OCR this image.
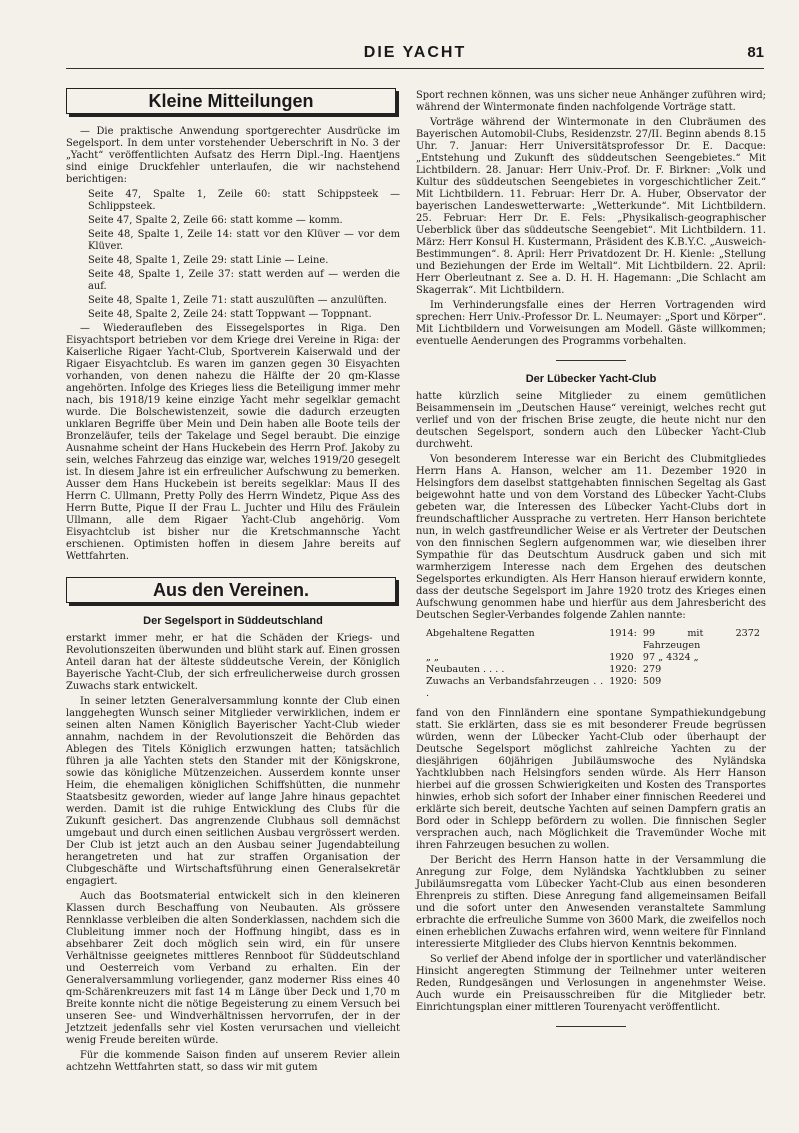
DIE YACHT	81
Kleine Mitteilungen

— Die praktische Anwendung sportgerechter Ausdrücke im Segelsport. In dem unter vorstehender Ueberschrift in No. 3 der „Yacht“ veröffentlichten Aufsatz des Herrn Dipl.-Ing. Haentjens sind einige Druckfehler unterlaufen, die wir nachstehend berichtigen:

Seite 47, Spalte 1, Zeile 60: statt Schippsteek — Schlippsteek.

Seite 47, Spalte 2, Zeile 66: statt komme — komm.

Seite 48, Spalte 1, Zeile 14: statt vor den Klüver — vor dem Klüver.

Seite 48, Spalte 1, Zeile 29: statt Linie — Leine.

Seite 48, Spalte 1, Zeile 37: statt werden auf — werden die auf.

Seite 48, Spalte 1, Zeile 71: statt auszulüften — anzulüften.

Seite 48, Spalte 2, Zeile 24: statt Toppwant — Toppnant.

— Wiederaufleben des Eissegelsportes in Riga. Den Eisyachtsport betrieben vor dem Kriege drei Vereine in Riga: der Kaiserliche Rigaer Yacht-Club, Sportverein Kaiserwald und der Rigaer Eisyachtclub. Es waren im ganzen gegen 30 Eisyachten vorhanden, von denen nahezu die Hälfte der 20 qm-Klasse angehörten. Infolge des Krieges liess die Beteiligung immer mehr nach, bis 1918/19 keine einzige Yacht mehr segelklar gemacht wurde. Die Bolschewistenzeit, sowie die dadurch erzeugten unklaren Begriffe über Mein und Dein haben alle Boote teils der Bronzeläufer, teils der Takelage und Segel beraubt. Die einzige Ausnahme scheint der Hans Huckebein des Herrn Prof. Jakoby zu sein, welches Fahrzeug das einzige war, welches 1919/20 gesegelt ist. In diesem Jahre ist ein erfreulicher Aufschwung zu bemerken. Ausser dem Hans Huckebein ist bereits segelklar: Maus II des Herrn C. Ullmann, Pretty Polly des Herrn Windetz, Pique Ass des Herrn Butte, Pique II der Frau L. Juchter und Hilu des Fräulein Ullmann, alle dem Rigaer Yacht-Club angehörig. Vom Eisyachtclub ist bisher nur die Kretschmannsche Yacht erschienen. Optimisten hoffen in diesem Jahre bereits auf Wettfahrten.

Aus den Vereinen.
Der Segelsport in Süddeutschland

erstarkt immer mehr, er hat die Schäden der Kriegs- und Revolutionszeiten überwunden und blüht stark auf. Einen grossen Anteil daran hat der älteste süddeutsche Verein, der Königlich Bayerische Yacht-Club, der sich erfreulicherweise durch grossen Zuwachs stark entwickelt.

In seiner letzten Generalversammlung konnte der Club einen langgehegten Wunsch seiner Mitglieder verwirklichen, indem er seinen alten Namen Königlich Bayerischer Yacht-Club wieder annahm, nachdem in der Revolutionszeit die Behörden das Ablegen des Titels Königlich erzwungen hatten; tatsächlich führen ja alle Yachten stets den Stander mit der Königskrone, sowie das königliche Mützenzeichen. Ausserdem konnte unser Heim, die ehemaligen königlichen Schiffshütten, die nunmehr Staatsbesitz geworden, wieder auf lange Jahre hinaus gepachtet werden. Damit ist die ruhige Entwicklung des Clubs für die Zukunft gesichert. Das angrenzende Clubhaus soll demnächst umgebaut und durch einen seitlichen Ausbau vergrössert werden. Der Club ist jetzt auch an den Ausbau seiner Jugendabteilung herangetreten und hat zur straffen Organisation der Clubgeschäfte und Wirtschaftsführung einen Generalsekretär engagiert.

Auch das Bootsmaterial entwickelt sich in den kleineren Klassen durch Beschaffung von Neubauten. Als grössere Rennklasse verbleiben die alten Sonderklassen, nachdem sich die Clubleitung immer noch der Hoffnung hingibt, dass es in absehbarer Zeit doch möglich sein wird, ein für unsere Verhältnisse geeignetes mittleres Rennboot für Süddeutschland und Oesterreich vom Verband zu erhalten. Ein der Generalversammlung vorliegender, ganz moderner Riss eines 40 qm-Schärenkreuzers mit fast 14 m Länge über Deck und 1,70 m Breite konnte nicht die nötige Begeisterung zu einem Versuch bei unseren See- und Windverhältnissen hervorrufen, der in der Jetztzeit jedenfalls sehr viel Kosten verursachen und vielleicht wenig Freude bereiten würde.

Für die kommende Saison finden auf unserem Revier allein achtzehn Wettfahrten statt, so dass wir mit gutem

Sport rechnen können, was uns sicher neue Anhänger zuführen wird; während der Wintermonate finden nachfolgende Vorträge statt.

Vorträge während der Wintermonate in den Clubräumen des Bayerischen Automobil-Clubs, Residenzstr. 27/II. Beginn abends 8.15 Uhr. 7. Januar: Herr Universitätsprofessor Dr. E. Dacque: „Entstehung und Zukunft des süddeutschen Seengebietes.“ Mit Lichtbildern. 28. Januar: Herr Univ.-Prof. Dr. F. Birkner: „Volk und Kultur des süddeutschen Seengebietes in vorgeschichtlicher Zeit.“ Mit Lichtbildern. 11. Februar: Herr Dr. A. Huber, Observator der bayerischen Landeswetterwarte: „Wetterkunde“. Mit Lichtbildern. 25. Februar: Herr Dr. E. Fels: „Physikalisch-geographischer Ueberblick über das süddeutsche Seengebiet“. Mit Lichtbildern. 11. März: Herr Konsul H. Kustermann, Präsident des K.B.Y.C. „Ausweich-Bestimmungen“. 8. April: Herr Privatdozent Dr. H. Kienle: „Stellung und Beziehungen der Erde im Weltall“. Mit Lichtbildern. 22. April: Herr Oberleutnant z. See a. D. H. H. Hagemann: „Die Schlacht am Skagerrak“. Mit Lichtbildern.

Im Verhinderungsfalle eines der Herren Vortragenden wird sprechen: Herr Univ.-Professor Dr. L. Neumayer: „Sport und Körper“. Mit Lichtbildern und Vorweisungen am Modell. Gäste willkommen; eventuelle Aenderungen des Programms vorbehalten.

Der Lübecker Yacht-Club

hatte kürzlich seine Mitglieder zu einem gemütlichen Beisammensein im „Deutschen Hause“ vereinigt, welches recht gut verlief und von der frischen Brise zeugte, die heute nicht nur den deutschen Segelsport, sondern auch den Lübecker Yacht-Club durchweht.

Von besonderem Interesse war ein Bericht des Clubmitgliedes Herrn Hans A. Hanson, welcher am 11. Dezember 1920 in Helsingfors dem daselbst stattgehabten finnischen Segeltag als Gast beigewohnt hatte und von dem Vorstand des Lübecker Yacht-Clubs gebeten war, die Interessen des Lübecker Yacht-Clubs dort in freundschaftlicher Aussprache zu vertreten. Herr Hanson berichtete nun, in welch gastfreundlicher Weise er als Vertreter der Deutschen von den finnischen Seglern aufgenommen war, wie dieselben ihrer Sympathie für das Deutschtum Ausdruck gaben und sich mit warmherzigem Interesse nach dem Ergehen des deutschen Segelsportes erkundigten. Als Herr Hanson hierauf erwidern konnte, dass der deutsche Segelsport im Jahre 1920 trotz des Krieges einen Aufschwung genommen habe und hierfür aus dem Jahresbericht des Deutschen Segler-Verbandes folgende Zahlen nannte:

Abgehaltene Regatten	1914:	99 mit 2372 Fahrzeugen
„ „	1920	97 „ 4324 „
Neubauten . . . .	1920:	279
Zuwachs an Verbandsfahrzeugen . . .	1920:	509

fand von den Finnländern eine spontane Sympathiekundgebung statt. Sie erklärten, dass sie es mit besonderer Freude begrüssen würden, wenn der Lübecker Yacht-Club oder überhaupt der Deutsche Segelsport möglichst zahlreiche Yachten zu der diesjährigen 60jährigen Jubiläumswoche des Nyländska Yachtklubben nach Helsingfors senden würde. Als Herr Hanson hierbei auf die grossen Schwierigkeiten und Kosten des Transportes hinwies, erhob sich sofort der Inhaber einer finnischen Reederei und erklärte sich bereit, deutsche Yachten auf seinen Dampfern gratis an Bord oder in Schlepp befördern zu wollen. Die finnischen Segler versprachen auch, nach Möglichkeit die Travemünder Woche mit ihren Fahrzeugen besuchen zu wollen.

Der Bericht des Herrn Hanson hatte in der Versammlung die Anregung zur Folge, dem Nyländska Yachtklubben zu seiner Jubiläumsregatta vom Lübecker Yacht-Club aus einen besonderen Ehrenpreis zu stiften. Diese Anregung fand allgemeinsamen Beifall und die sofort unter den Anwesenden veranstaltete Sammlung erbrachte die erfreuliche Summe von 3600 Mark, die zweifellos noch einen erheblichen Zuwachs erfahren wird, wenn weitere für Finnland interessierte Mitglieder des Clubs hiervon Kenntnis bekommen.

So verlief der Abend infolge der in sportlicher und vaterländischer Hinsicht angeregten Stimmung der Teilnehmer unter weiteren Reden, Rundgesängen und Verlosungen in angenehmster Weise. Auch wurde ein Preisausschreiben für die Mitglieder betr. Einrichtungsplan einer mittleren Tourenyacht veröffentlicht.
